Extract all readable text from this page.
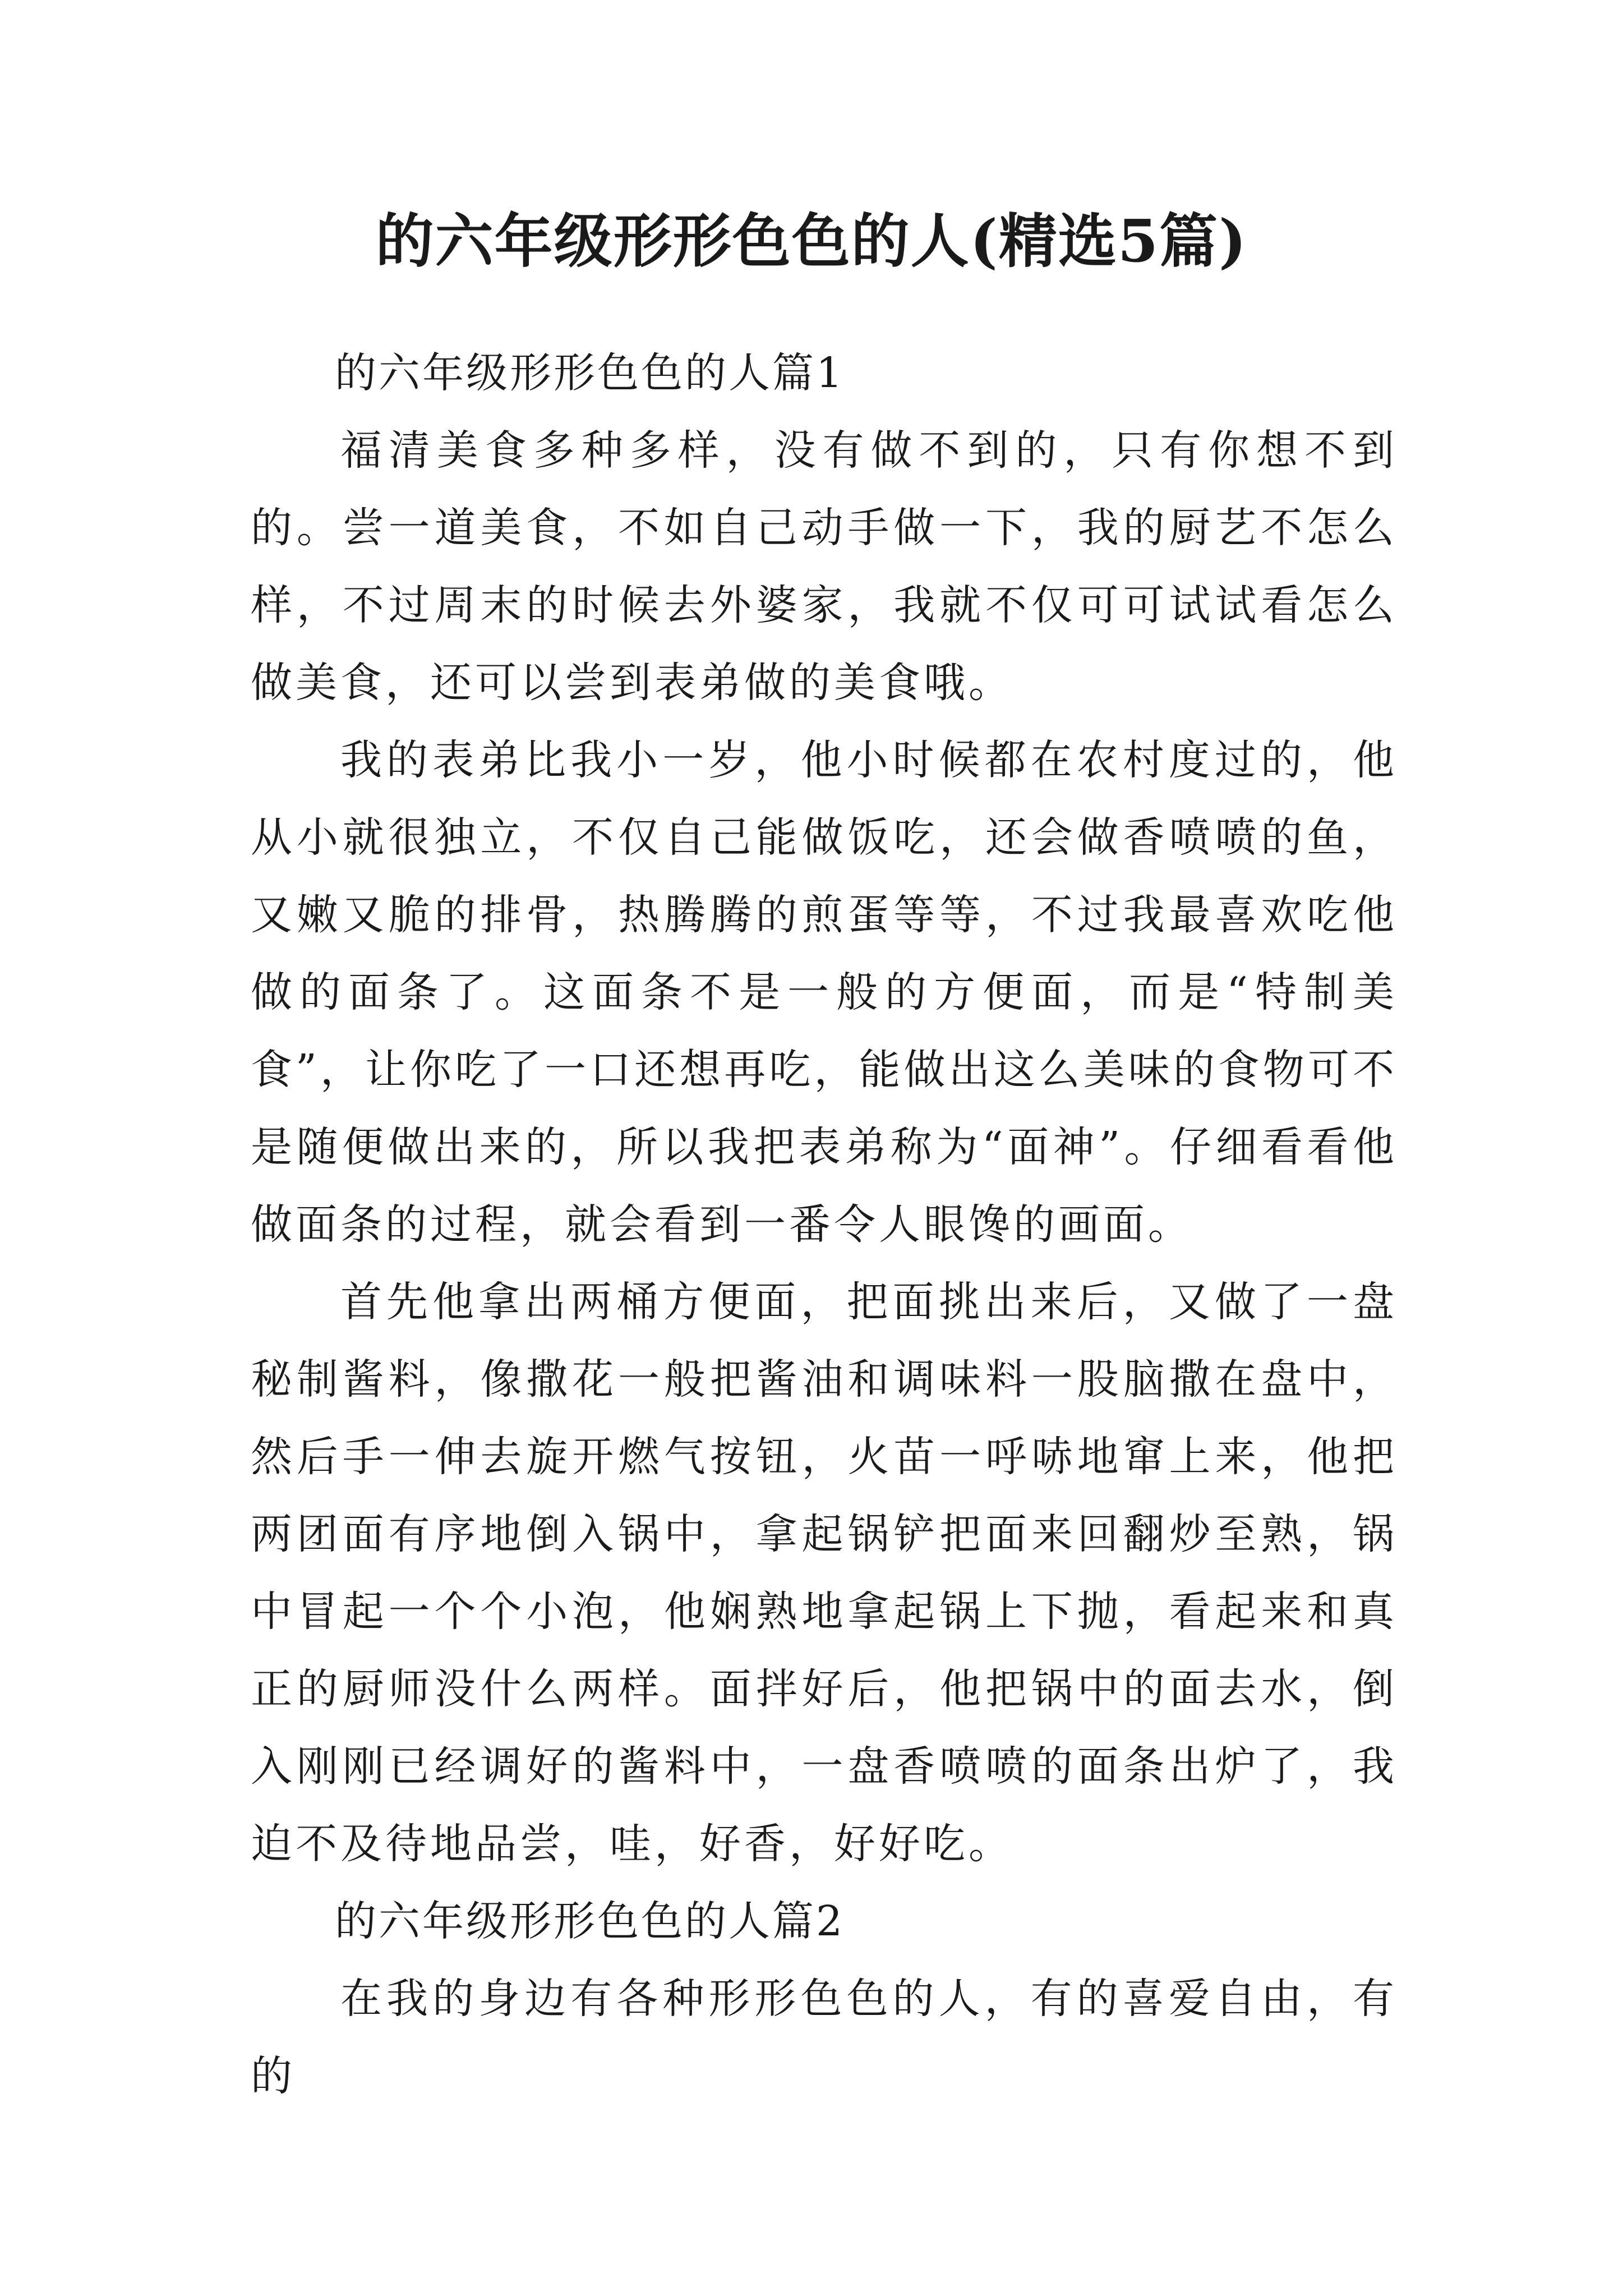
的六年级形形色色的人(精选5篇)

的六年级形形色色的人篇1

福清美食多种多样，没有做不到的，只有你想不到的。尝一道美食，不如自己动手做一下，我的厨艺不怎么样，不过周末的时候去外婆家，我就不仅可可试试看怎么做美食，还可以尝到表弟做的美食哦。

我的表弟比我小一岁，他小时候都在农村度过的，他从小就很独立，不仅自己能做饭吃，还会做香喷喷的鱼，又嫩又脆的排骨，热腾腾的煎蛋等等，不过我最喜欢吃他做的面条了。这面条不是一般的方便面，而是“特制美食”，让你吃了一口还想再吃，能做出这么美味的食物可不是随便做出来的，所以我把表弟称为“面神”。仔细看看他做面条的过程，就会看到一番令人眼馋的画面。

首先他拿出两桶方便面，把面挑出来后，又做了一盘秘制酱料，像撒花一般把酱油和调味料一股脑撒在盘中，然后手一伸去旋开燃气按钮，火苗一呼哧地窜上来，他把两团面有序地倒入锅中，拿起锅铲把面来回翻炒至熟，锅中冒起一个个小泡，他娴熟地拿起锅上下抛，看起来和真正的厨师没什么两样。面拌好后，他把锅中的面去水，倒入刚刚已经调好的酱料中，一盘香喷喷的面条出炉了，我迫不及待地品尝，哇，好香，好好吃。

的六年级形形色色的人篇2

在我的身边有各种形形色色的人，有的喜爱自由，有的
